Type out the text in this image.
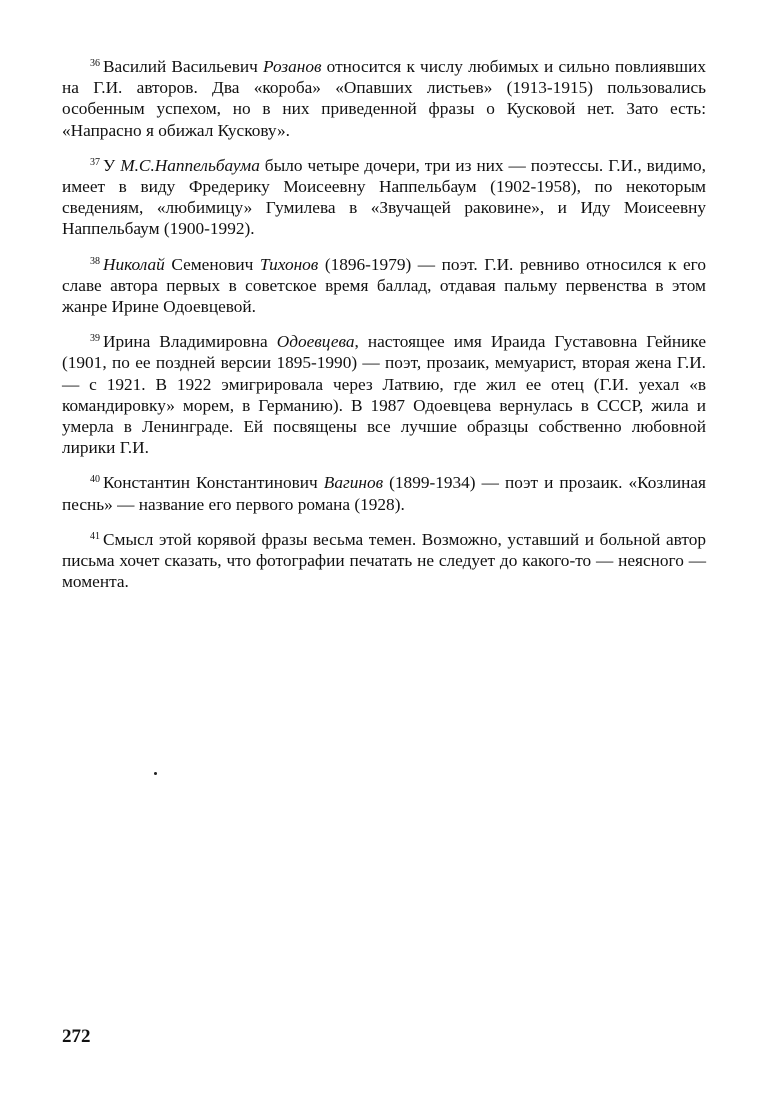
$^{36}$ Василий Васильевич Розанов относится к числу любимых и сильно повлиявших на Г.И. авторов. Два «короба» «Опавших листьев» (1913-1915) пользовались особенным успехом, но в них приведенной фразы о Кусковой нет. Зато есть: «Напрасно я обижал Кускову».

$^{37}$ У М.С.Наппельбаума было четыре дочери, три из них — поэтессы. Г.И., видимо, имеет в виду Фредерику Моисеевну Наппельбаум (1902-1958), по некоторым сведениям, «любимицу» Гумилева в «Звучащей раковине», и Иду Моисеевну Наппельбаум (1900-1992).

$^{38}$ Николай Семенович Тихонов (1896-1979) — поэт. Г.И. ревниво относился к его славе автора первых в советское время баллад, отдавая пальму первенства в этом жанре Ирине Одоевцевой.

$^{39}$ Ирина Владимировна Одоевцева, настоящее имя Ираида Густавовна Гейнике (1901, по ее поздней версии 1895-1990) — поэт, прозаик, мемуарист, вторая жена Г.И. — с 1921. В 1922 эмигрировала через Латвию, где жил ее отец (Г.И. уехал «в командировку» морем, в Германию). В 1987 Одоевцева вернулась в СССР, жила и умерла в Ленинграде. Ей посвящены все лучшие образцы собственно любовной лирики Г.И.

$^{40}$ Константин Константинович Вагинов (1899-1934) — поэт и прозаик. «Козлиная песнь» — название его первого романа (1928).

$^{41}$ Смысл этой корявой фразы весьма темен. Возможно, уставший и больной автор письма хочет сказать, что фотографии печатать не следует до какого-то — неясного — момента.

272
